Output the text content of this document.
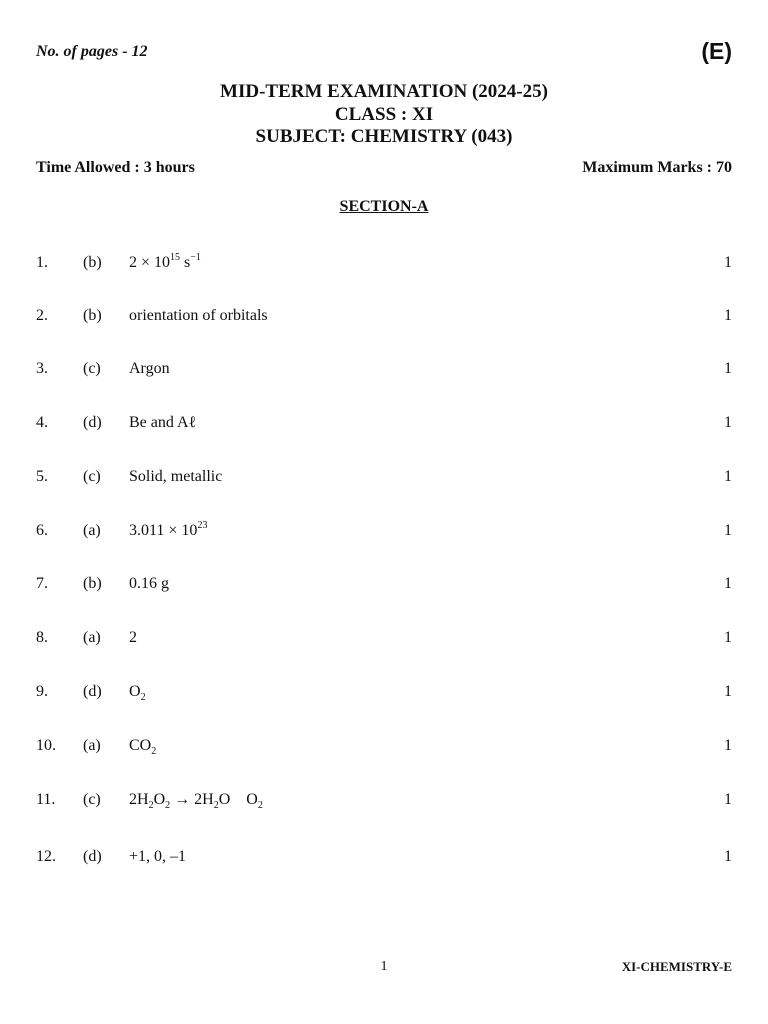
No. of pages - 12	(E)
MID-TERM EXAMINATION (2024-25)
CLASS : XI
SUBJECT: CHEMISTRY (043)
Time Allowed : 3 hours	Maximum Marks : 70
SECTION-A
1. (b) $2 \times 10^{15}$ $s^{-1}$	1
2. (b) orientation of orbitals	1
3. (c) Argon	1
4. (d) Be and Aℓ	1
5. (c) Solid, metallic	1
6. (a) $3.011 \times 10^{23}$	1
7. (b) 0.16 g	1
8. (a) 2	1
9. (d) $O_2$	1
10. (a) $CO_2$	1
11. (c) $2H_2O_2 \to 2H_2O$  $O_2$	1
12. (d) +1, 0, –1	1
1	XI-CHEMISTRY-E
